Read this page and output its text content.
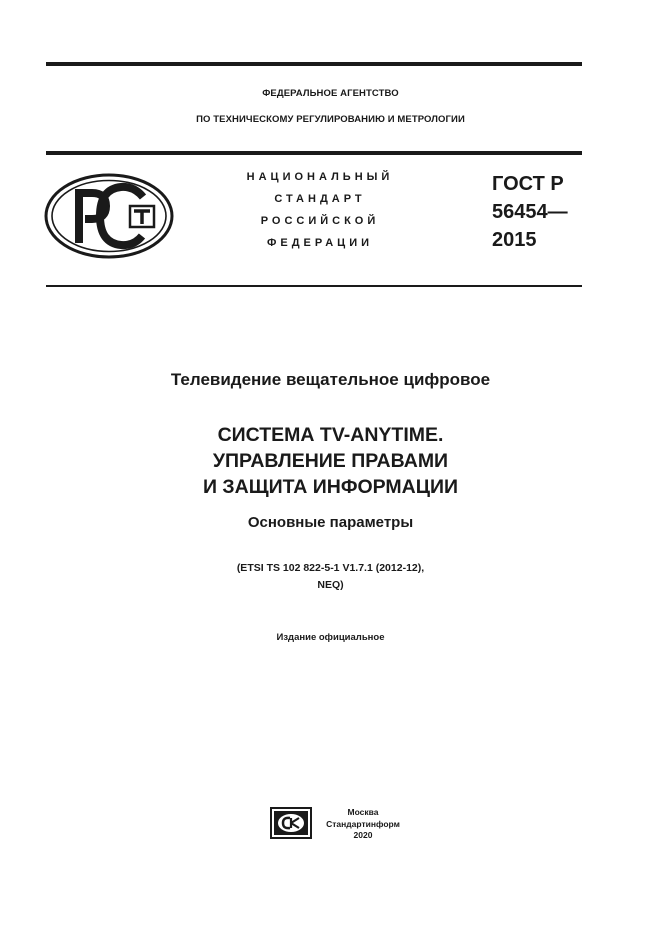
ФЕДЕРАЛЬНОЕ АГЕНТСТВО
ПО ТЕХНИЧЕСКОМУ РЕГУЛИРОВАНИЮ И МЕТРОЛОГИИ
НАЦИОНАЛЬНЫЙ
СТАНДАРТ
РОССИЙСКОЙ
ФЕДЕРАЦИИ
ГОСТ Р
56454—
2015
Телевидение вещательное цифровое
СИСТЕМА TV-ANYTIME.
УПРАВЛЕНИЕ ПРАВАМИ
И ЗАЩИТА ИНФОРМАЦИИ
Основные параметры
(ETSI TS 102 822-5-1 V1.7.1 (2012-12),
NEQ)
Издание официальное
Москва
Стандартинформ
2020
